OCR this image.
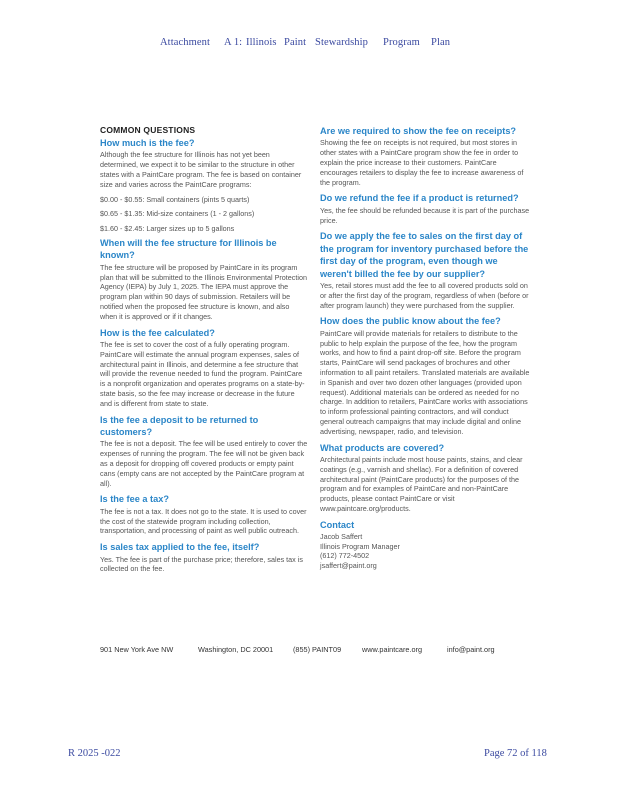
Attachment A 1: Illinois Paint Stewardship Program Plan
COMMON QUESTIONS
How much is the fee?
Although the fee structure for Illinois has not yet been determined, we expect it to be similar to the structure in other states with a PaintCare program. The fee is based on container size and varies across the PaintCare programs:
$0.00 - $0.55: Small containers (pints 5 quarts)
$0.65 - $1.35: Mid-size containers (1 - 2 gallons)
$1.60 - $2.45: Larger sizes up to 5 gallons
When will the fee structure for Illinois be known?
The fee structure will be proposed by PaintCare in its program plan that will be submitted to the Illinois Environmental Protection Agency (IEPA) by July 1, 2025. The IEPA must approve the program plan within 90 days of submission. Retailers will be notified when the proposed fee structure is known, and also when it is approved or if it changes.
How is the fee calculated?
The fee is set to cover the cost of a fully operating program. PaintCare will estimate the annual program expenses, sales of architectural paint in Illinois, and determine a fee structure that will provide the revenue needed to fund the program. PaintCare is a nonprofit organization and operates programs on a state-by-state basis, so the fee may increase or decrease in the future and is different from state to state.
Is the fee a deposit to be returned to customers?
The fee is not a deposit. The fee will be used entirely to cover the expenses of running the program. The fee will not be given back as a deposit for dropping off covered products or empty paint cans (empty cans are not accepted by the PaintCare program at all).
Is the fee a tax?
The fee is not a tax. It does not go to the state. It is used to cover the cost of the statewide program including collection, transportation, and processing of paint as well public outreach.
Is sales tax applied to the fee, itself?
Yes. The fee is part of the purchase price; therefore, sales tax is collected on the fee.
Are we required to show the fee on receipts?
Showing the fee on receipts is not required, but most stores in other states with a PaintCare program show the fee in order to explain the price increase to their customers. PaintCare encourages retailers to display the fee to increase awareness of the program.
Do we refund the fee if a product is returned?
Yes, the fee should be refunded because it is part of the purchase price.
Do we apply the fee to sales on the first day of the program for inventory purchased before the first day of the program, even though we weren't billed the fee by our supplier?
Yes, retail stores must add the fee to all covered products sold on or after the first day of the program, regardless of when (before or after program launch) they were purchased from the supplier.
How does the public know about the fee?
PaintCare will provide materials for retailers to distribute to the public to help explain the purpose of the fee, how the program works, and how to find a paint drop-off site. Before the program starts, PaintCare will send packages of brochures and other information to all paint retailers. Translated materials are available in Spanish and over two dozen other languages (provided upon request). Additional materials can be ordered as needed for no charge. In addition to retailers, PaintCare works with associations to inform professional painting contractors, and will conduct general outreach campaigns that may include digital and online advertising, newspaper, radio, and television.
What products are covered?
Architectural paints include most house paints, stains, and clear coatings (e.g., varnish and shellac). For a definition of covered architectural paint (PaintCare products) for the purposes of the program and for examples of PaintCare and non-PaintCare products, please contact PaintCare or visit www.paintcare.org/products.
Contact

Jacob Saffert

Illinois Program Manager

(612) 772-4502

jsaffert@paint.org

901 New York Ave NW	Washington, DC 20001	(855) PAINT09	www.paintcare.org	info@paint.org
R 2025 -022	Page 72 of 118
